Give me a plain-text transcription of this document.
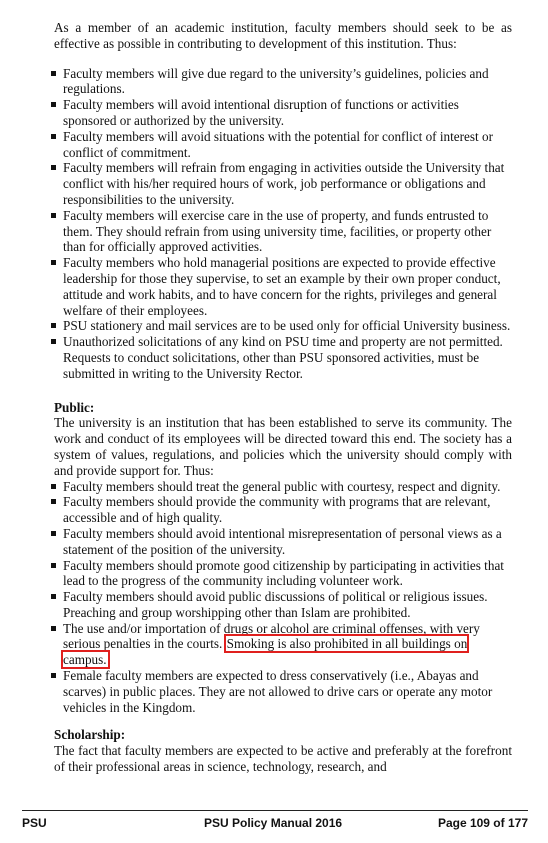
As a member of an academic institution, faculty members should seek to be as effective as possible in contributing to development of this institution. Thus:

Faculty members will give due regard to the university’s guidelines, policies and regulations.
Faculty members will avoid intentional disruption of functions or activities sponsored or authorized by the university.
Faculty members will avoid situations with the potential for conflict of interest or conflict of commitment.
Faculty members will refrain from engaging in activities outside the University that conflict with his/her required hours of work, job performance or obligations and responsibilities to the university.
Faculty members will exercise care in the use of property, and funds entrusted to them. They should refrain from using university time, facilities, or property other than for officially approved activities.
Faculty members who hold managerial positions are expected to provide effective leadership for those they supervise, to set an example by their own proper conduct, attitude and work habits, and to have concern for the rights, privileges and general welfare of their employees.
PSU stationery and mail services are to be used only for official University business.
Unauthorized solicitations of any kind on PSU time and property are not permitted. Requests to conduct solicitations, other than PSU sponsored activities, must be submitted in writing to the University Rector.
Public:

The university is an institution that has been established to serve its community. The work and conduct of its employees will be directed toward this end. The society has a system of values, regulations, and policies which the university should comply with and provide support for. Thus:

Faculty members should treat the general public with courtesy, respect and dignity.
Faculty members should provide the community with programs that are relevant, accessible and of high quality.
Faculty members should avoid intentional misrepresentation of personal views as a statement of the position of the university.
Faculty members should promote good citizenship by participating in activities that lead to the progress of the community including volunteer work.
Faculty members should avoid public discussions of political or religious issues. Preaching and group worshipping other than Islam are prohibited.
The use and/or importation of drugs or alcohol are criminal offenses, with very serious penalties in the courts. Smoking is also prohibited in all buildings on campus.
Female faculty members are expected to dress conservatively (i.e., Abayas and scarves) in public places. They are not allowed to drive cars or operate any motor vehicles in the Kingdom.
Scholarship:

The fact that faculty members are expected to be active and preferably at the forefront of their professional areas in science, technology, research, and

PSU	PSU Policy Manual 2016	Page 109 of 177
